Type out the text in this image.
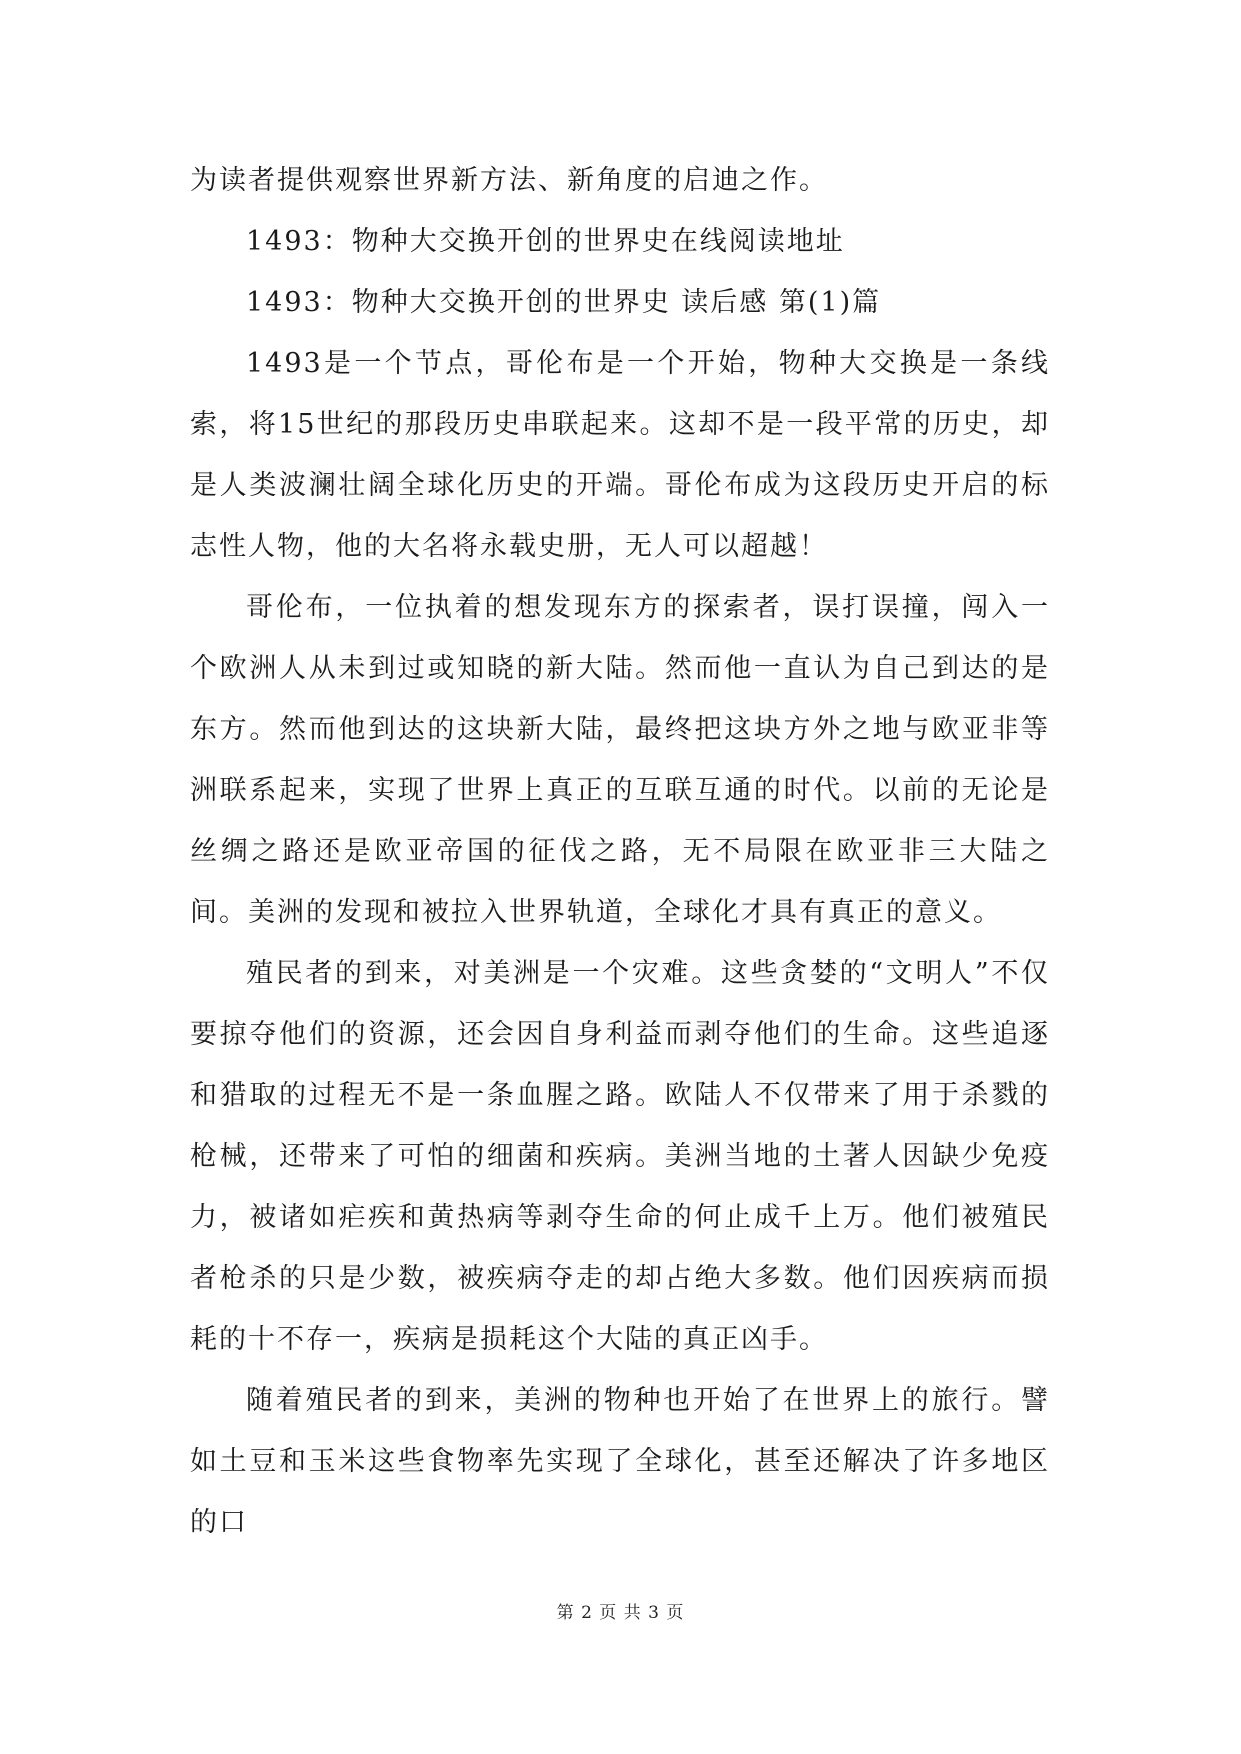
为读者提供观察世界新方法、新角度的启迪之作。

1493：物种大交换开创的世界史在线阅读地址

1493：物种大交换开创的世界史 读后感 第(1)篇

1493是一个节点，哥伦布是一个开始，物种大交换是一条线索，将15世纪的那段历史串联起来。这却不是一段平常的历史，却是人类波澜壮阔全球化历史的开端。哥伦布成为这段历史开启的标志性人物，他的大名将永载史册，无人可以超越！

哥伦布，一位执着的想发现东方的探索者，误打误撞，闯入一个欧洲人从未到过或知晓的新大陆。然而他一直认为自己到达的是东方。然而他到达的这块新大陆，最终把这块方外之地与欧亚非等洲联系起来，实现了世界上真正的互联互通的时代。以前的无论是丝绸之路还是欧亚帝国的征伐之路，无不局限在欧亚非三大陆之间。美洲的发现和被拉入世界轨道，全球化才具有真正的意义。

殖民者的到来，对美洲是一个灾难。这些贪婪的“文明人”不仅要掠夺他们的资源，还会因自身利益而剥夺他们的生命。这些追逐和猎取的过程无不是一条血腥之路。欧陆人不仅带来了用于杀戮的枪械，还带来了可怕的细菌和疾病。美洲当地的土著人因缺少免疫力，被诸如疟疾和黄热病等剥夺生命的何止成千上万。他们被殖民者枪杀的只是少数，被疾病夺走的却占绝大多数。他们因疾病而损耗的十不存一，疾病是损耗这个大陆的真正凶手。

随着殖民者的到来，美洲的物种也开始了在世界上的旅行。譬如土豆和玉米这些食物率先实现了全球化，甚至还解决了许多地区的口

第 2 页 共 3 页
